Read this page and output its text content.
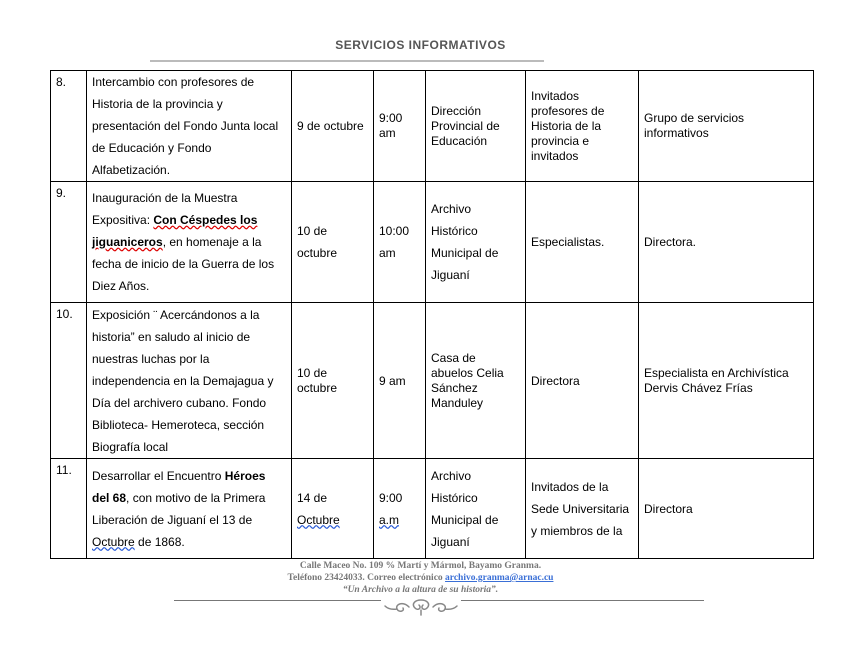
SERVICIOS INFORMATIVOS
8.	Intercambio con profesores de Historia de la provincia y presentación del Fondo Junta local de Educación y Fondo Alfabetización.	9 de octubre	9:00 am	Dirección Provincial de Educación	Invitados profesores de Historia de la provincia e invitados	Grupo de servicios informativos
9.	Inauguración de la Muestra Expositiva: Con Céspedes los jiguaniceros, en homenaje a la fecha de inicio de la Guerra de los Diez Años.	10 de octubre	10:00 am	Archivo Histórico Municipal de Jiguaní	Especialistas.	Directora.
10.	Exposición ¨ Acercándonos a la historia” en saludo al inicio de nuestras luchas por la independencia en la Demajagua y Día del archivero cubano. Fondo Biblioteca- Hemeroteca, sección Biografía local	10 de octubre	9 am	Casa de abuelos Celia Sánchez Manduley	Directora	Especialista en Archivística Dervis Chávez Frías
11.	Desarrollar el Encuentro Héroes del 68, con motivo de la Primera Liberación de Jiguaní el 13 de Octubre de 1868.	14 de Octubre	9:00 a.m	Archivo Histórico Municipal de Jiguaní	Invitados de la Sede Universitaria y miembros de la	Directora
Calle Maceo No. 109 % Martí y Mármol, Bayamo Granma.
Teléfono 23424033. Correo electrónico archivo.granma@arnac.cu
“Un Archivo a la altura de su historia”.
